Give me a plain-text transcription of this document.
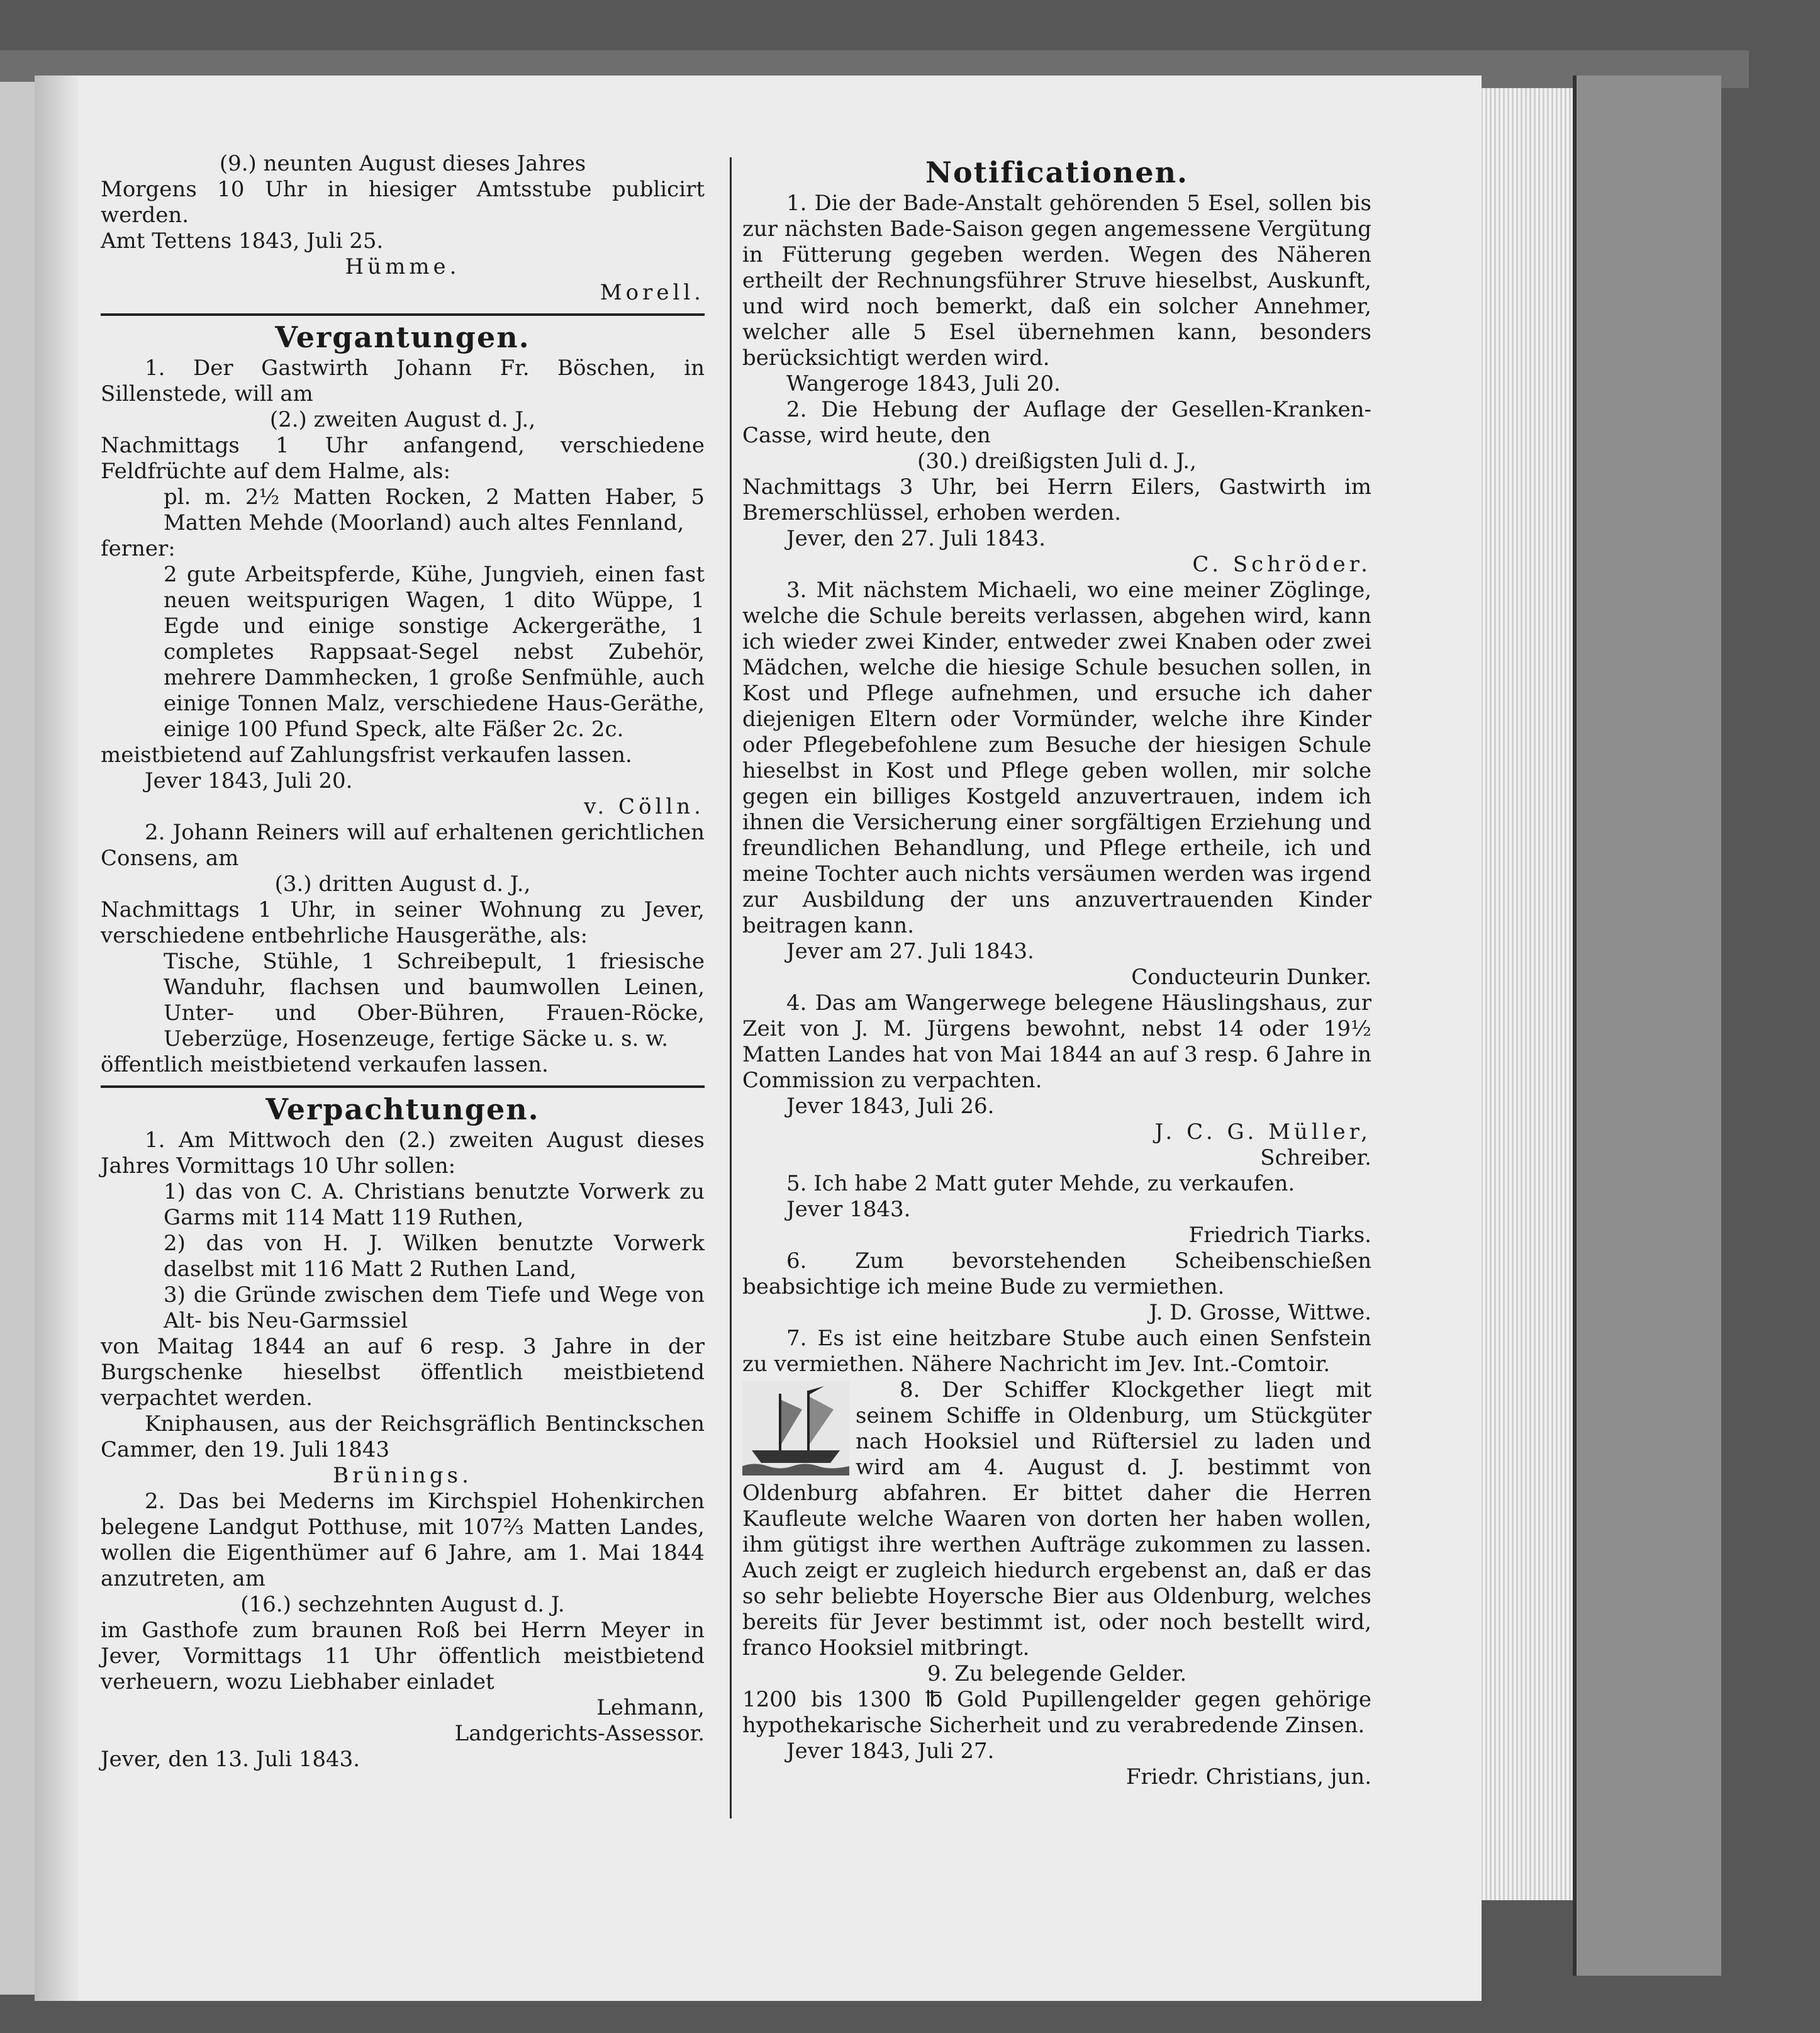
(9.) neunten August dieses Jahres

Morgens 10 Uhr in hiesiger Amtsstube publicirt werden.

Amt Tettens 1843, Juli 25.

Hümme.

Morell.

Vergantungen.

1. Der Gastwirth Johann Fr. Böschen, in Sillenstede, will am

(2.) zweiten August d. J.,

Nachmittags 1 Uhr anfangend, verschiedene Feldfrüchte auf dem Halme, als:

pl. m. 2½ Matten Rocken, 2 Matten Haber, 5 Matten Mehde (Moorland) auch altes Fennland,

ferner:

2 gute Arbeitspferde, Kühe, Jungvieh, einen fast neuen weitspurigen Wagen, 1 dito Wüppe, 1 Egde und einige sonstige Ackergeräthe, 1 completes Rappsaat-Segel nebst Zubehör, mehrere Dammhecken, 1 große Senfmühle, auch einige Tonnen Malz, verschiedene Haus-Geräthe, einige 100 Pfund Speck, alte Fäßer 2c. 2c.

meistbietend auf Zahlungsfrist verkaufen lassen.

Jever 1843, Juli 20.

v. Cölln.

2. Johann Reiners will auf erhaltenen gerichtlichen Consens, am

(3.) dritten August d. J.,

Nachmittags 1 Uhr, in seiner Wohnung zu Jever, verschiedene entbehrliche Hausgeräthe, als:

Tische, Stühle, 1 Schreibepult, 1 friesische Wanduhr, flachsen und baumwollen Leinen, Unter- und Ober-Bühren, Frauen-Röcke, Ueberzüge, Hosenzeuge, fertige Säcke u. s. w.

öffentlich meistbietend verkaufen lassen.

Verpachtungen.

1. Am Mittwoch den (2.) zweiten August dieses Jahres Vormittags 10 Uhr sollen:

1) das von C. A. Christians benutzte Vorwerk zu Garms mit 114 Matt 119 Ruthen,

2) das von H. J. Wilken benutzte Vorwerk daselbst mit 116 Matt 2 Ruthen Land,

3) die Gründe zwischen dem Tiefe und Wege von Alt- bis Neu-Garmssiel

von Maitag 1844 an auf 6 resp. 3 Jahre in der Burgschenke hieselbst öffentlich meistbietend verpachtet werden.

Kniphausen, aus der Reichsgräflich Bentinckschen Cammer, den 19. Juli 1843

Brünings.

2. Das bei Mederns im Kirchspiel Hohenkirchen belegene Landgut Potthuse, mit 107⅔ Matten Landes, wollen die Eigenthümer auf 6 Jahre, am 1. Mai 1844 anzutreten, am

(16.) sechzehnten August d. J.

im Gasthofe zum braunen Roß bei Herrn Meyer in Jever, Vormittags 11 Uhr öffentlich meistbietend verheuern, wozu Liebhaber einladet

Lehmann,

Landgerichts-Assessor.

Jever, den 13. Juli 1843.

Notificationen.

1. Die der Bade-Anstalt gehörenden 5 Esel, sollen bis zur nächsten Bade-Saison gegen angemessene Vergütung in Fütterung gegeben werden. Wegen des Näheren ertheilt der Rechnungsführer Struve hieselbst, Auskunft, und wird noch bemerkt, daß ein solcher Annehmer, welcher alle 5 Esel übernehmen kann, besonders berücksichtigt werden wird.

Wangeroge 1843, Juli 20.

2. Die Hebung der Auflage der Gesellen-Kranken-Casse, wird heute, den

(30.) dreißigsten Juli d. J.,

Nachmittags 3 Uhr, bei Herrn Eilers, Gastwirth im Bremerschlüssel, erhoben werden.

Jever, den 27. Juli 1843.

C. Schröder.

3. Mit nächstem Michaeli, wo eine meiner Zöglinge, welche die Schule bereits verlassen, abgehen wird, kann ich wieder zwei Kinder, entweder zwei Knaben oder zwei Mädchen, welche die hiesige Schule besuchen sollen, in Kost und Pflege aufnehmen, und ersuche ich daher diejenigen Eltern oder Vormünder, welche ihre Kinder oder Pflegebefohlene zum Besuche der hiesigen Schule hieselbst in Kost und Pflege geben wollen, mir solche gegen ein billiges Kostgeld anzuvertrauen, indem ich ihnen die Versicherung einer sorgfältigen Erziehung und freundlichen Behandlung, und Pflege ertheile, ich und meine Tochter auch nichts versäumen werden was irgend zur Ausbildung der uns anzuvertrauenden Kinder beitragen kann.

Jever am 27. Juli 1843.

Conducteurin Dunker.

4. Das am Wangerwege belegene Häuslingshaus, zur Zeit von J. M. Jürgens bewohnt, nebst 14 oder 19½ Matten Landes hat von Mai 1844 an auf 3 resp. 6 Jahre in Commission zu verpachten.

Jever 1843, Juli 26.

J. C. G. Müller,

Schreiber.

5. Ich habe 2 Matt guter Mehde, zu verkaufen.

Jever 1843.

Friedrich Tiarks.

6. Zum bevorstehenden Scheibenschießen beabsichtige ich meine Bude zu vermiethen.

J. D. Grosse, Wittwe.

7. Es ist eine heitzbare Stube auch einen Senfstein zu vermiethen. Nähere Nachricht im Jev. Int.-Comtoir.

8. Der Schiffer Klockgether liegt mit seinem Schiffe in Oldenburg, um Stückgüter nach Hooksiel und Rüftersiel zu laden und wird am 4. August d. J. bestimmt von Oldenburg abfahren. Er bittet daher die Herren Kaufleute welche Waaren von dorten her haben wollen, ihm gütigst ihre werthen Aufträge zukommen zu lassen. Auch zeigt er zugleich hiedurch ergebenst an, daß er das so sehr beliebte Hoyersche Bier aus Oldenburg, welches bereits für Jever bestimmt ist, oder noch bestellt wird, franco Hooksiel mitbringt.

9. Zu belegende Gelder.

1200 bis 1300 ℔ Gold Pupillengelder gegen gehörige hypothekarische Sicherheit und zu verabredende Zinsen.

Jever 1843, Juli 27.

Friedr. Christians, jun.
